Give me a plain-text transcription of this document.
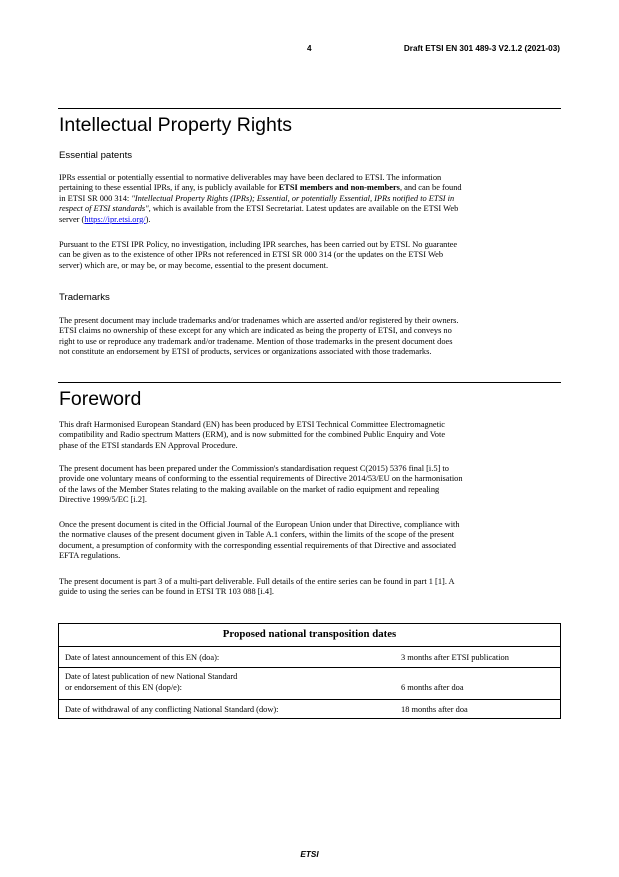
4	Draft ETSI EN 301 489-3 V2.1.2 (2021-03)
Intellectual Property Rights
Essential patents
IPRs essential or potentially essential to normative deliverables may have been declared to ETSI. The information
pertaining to these essential IPRs, if any, is publicly available for ETSI members and non-members, and can be found
in ETSI SR 000 314: "Intellectual Property Rights (IPRs); Essential, or potentially Essential, IPRs notified to ETSI in
respect of ETSI standards", which is available from the ETSI Secretariat. Latest updates are available on the ETSI Web
server (https://ipr.etsi.org/).
Pursuant to the ETSI IPR Policy, no investigation, including IPR searches, has been carried out by ETSI. No guarantee
can be given as to the existence of other IPRs not referenced in ETSI SR 000 314 (or the updates on the ETSI Web
server) which are, or may be, or may become, essential to the present document.
Trademarks
The present document may include trademarks and/or tradenames which are asserted and/or registered by their owners.
ETSI claims no ownership of these except for any which are indicated as being the property of ETSI, and conveys no
right to use or reproduce any trademark and/or tradename. Mention of those trademarks in the present document does
not constitute an endorsement by ETSI of products, services or organizations associated with those trademarks.
Foreword
This draft Harmonised European Standard (EN) has been produced by ETSI Technical Committee Electromagnetic
compatibility and Radio spectrum Matters (ERM), and is now submitted for the combined Public Enquiry and Vote
phase of the ETSI standards EN Approval Procedure.
The present document has been prepared under the Commission's standardisation request C(2015) 5376 final [i.5] to
provide one voluntary means of conforming to the essential requirements of Directive 2014/53/EU on the harmonisation
of the laws of the Member States relating to the making available on the market of radio equipment and repealing
Directive 1999/5/EC [i.2].
Once the present document is cited in the Official Journal of the European Union under that Directive, compliance with
the normative clauses of the present document given in Table A.1 confers, within the limits of the scope of the present
document, a presumption of conformity with the corresponding essential requirements of that Directive and associated
EFTA regulations.
The present document is part 3 of a multi-part deliverable. Full details of the entire series can be found in part 1 [1]. A
guide to using the series can be found in ETSI TR 103 088 [i.4].
Proposed national transposition dates
Date of latest announcement of this EN (doa):	3 months after ETSI publication
Date of latest publication of new National Standard
or endorsement of this EN (dop/e):	6 months after doa
Date of withdrawal of any conflicting National Standard (dow):	18 months after doa
ETSI
